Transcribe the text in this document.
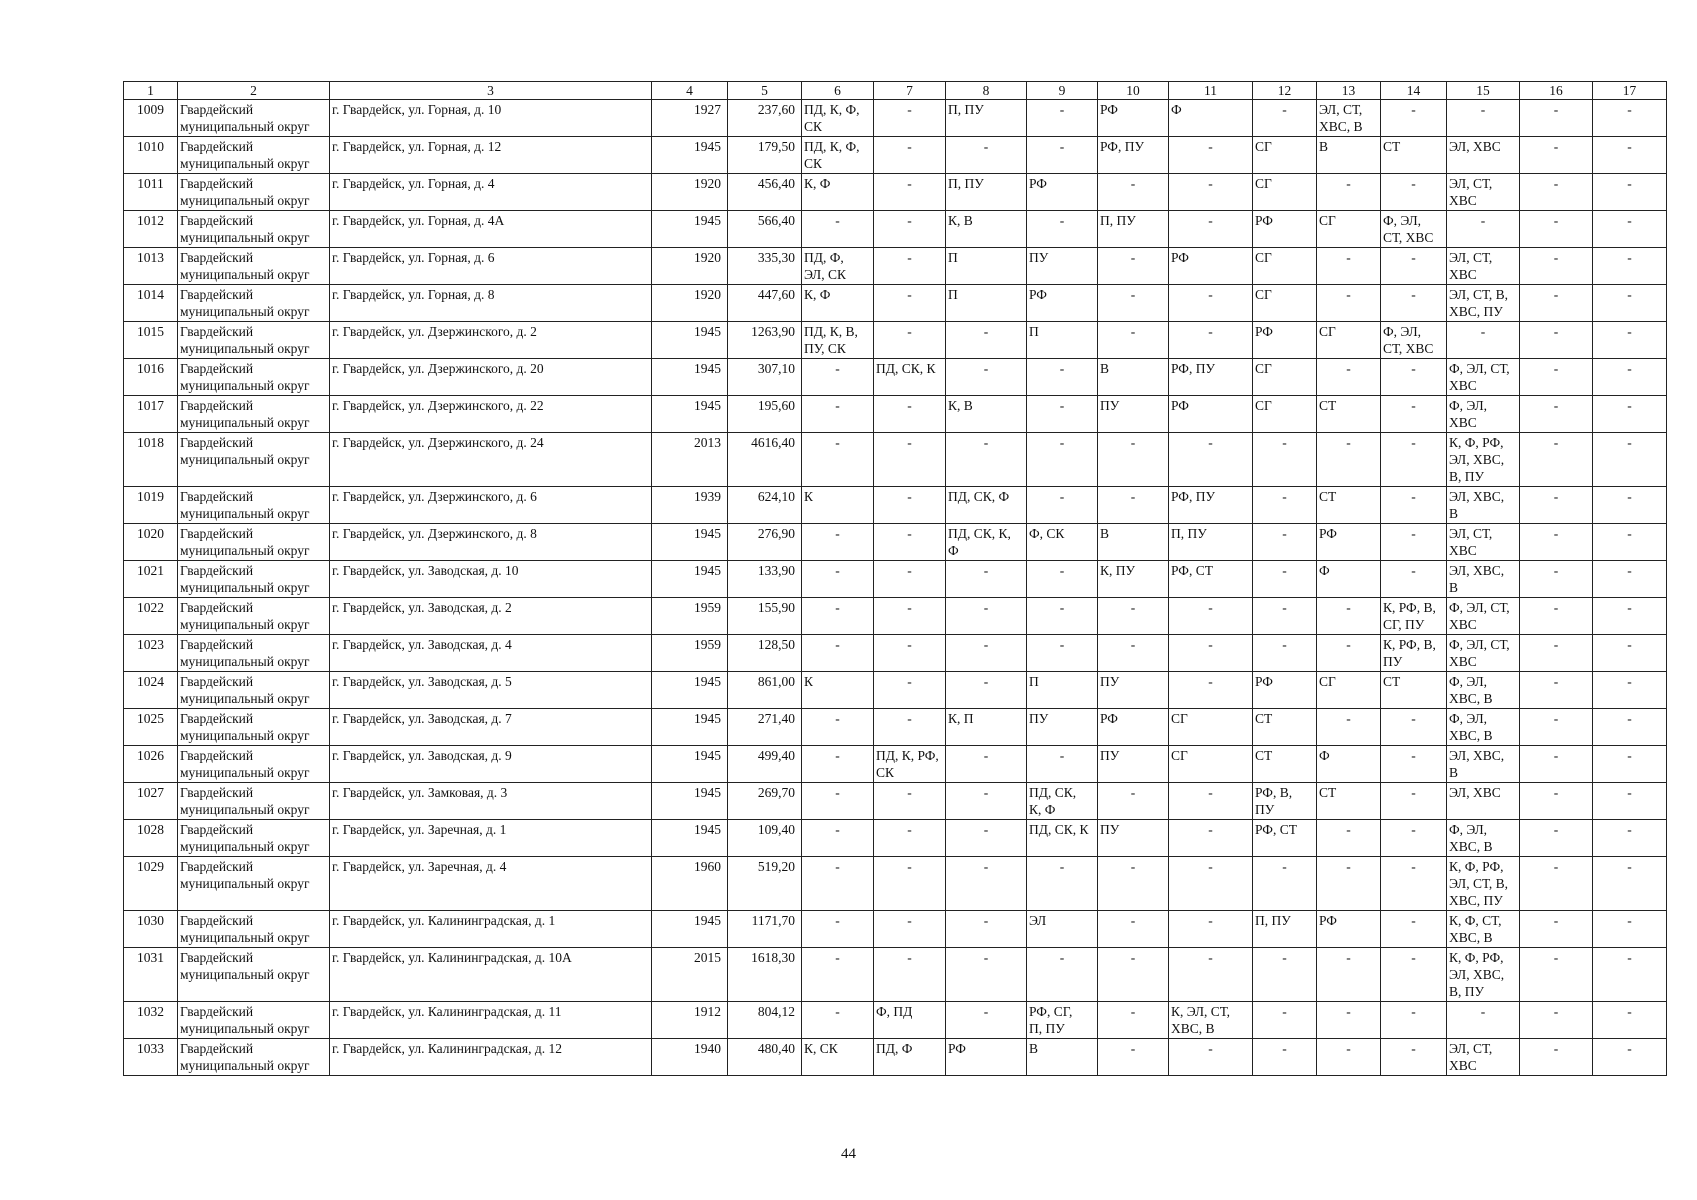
1	2	3	4	5	6	7	8	9	10	11	12	13	14	15	16	17
1009	Гвардейский
муниципальный округ	г. Гвардейск, ул. Горная, д. 10	1927	237,60	ПД, К, Ф,
СК	-	П, ПУ	-	РФ	Ф	-	ЭЛ, СТ,
ХВС, В	-	-	-	-
1010	Гвардейский
муниципальный округ	г. Гвардейск, ул. Горная, д. 12	1945	179,50	ПД, К, Ф,
СК	-	-	-	РФ, ПУ	-	СГ	В	СТ	ЭЛ, ХВС	-	-
1011	Гвардейский
муниципальный округ	г. Гвардейск, ул. Горная, д. 4	1920	456,40	К, Ф	-	П, ПУ	РФ	-	-	СГ	-	-	ЭЛ, СТ,
ХВС	-	-
1012	Гвардейский
муниципальный округ	г. Гвардейск, ул. Горная, д. 4А	1945	566,40	-	-	К, В	-	П, ПУ	-	РФ	СГ	Ф, ЭЛ,
СТ, ХВС	-	-	-
1013	Гвардейский
муниципальный округ	г. Гвардейск, ул. Горная, д. 6	1920	335,30	ПД, Ф,
ЭЛ, СК	-	П	ПУ	-	РФ	СГ	-	-	ЭЛ, СТ,
ХВС	-	-
1014	Гвардейский
муниципальный округ	г. Гвардейск, ул. Горная, д. 8	1920	447,60	К, Ф	-	П	РФ	-	-	СГ	-	-	ЭЛ, СТ, В,
ХВС, ПУ	-	-
1015	Гвардейский
муниципальный округ	г. Гвардейск, ул. Дзержинского, д. 2	1945	1263,90	ПД, К, В,
ПУ, СК	-	-	П	-	-	РФ	СГ	Ф, ЭЛ,
СТ, ХВС	-	-	-
1016	Гвардейский
муниципальный округ	г. Гвардейск, ул. Дзержинского, д. 20	1945	307,10	-	ПД, СК, К	-	-	В	РФ, ПУ	СГ	-	-	Ф, ЭЛ, СТ,
ХВС	-	-
1017	Гвардейский
муниципальный округ	г. Гвардейск, ул. Дзержинского, д. 22	1945	195,60	-	-	К, В	-	ПУ	РФ	СГ	СТ	-	Ф, ЭЛ,
ХВС	-	-
1018	Гвардейский
муниципальный округ	г. Гвардейск, ул. Дзержинского, д. 24	2013	4616,40	-	-	-	-	-	-	-	-	-	К, Ф, РФ,
ЭЛ, ХВС,
В, ПУ	-	-
1019	Гвардейский
муниципальный округ	г. Гвардейск, ул. Дзержинского, д. 6	1939	624,10	К	-	ПД, СК, Ф	-	-	РФ, ПУ	-	СТ	-	ЭЛ, ХВС,
В	-	-
1020	Гвардейский
муниципальный округ	г. Гвардейск, ул. Дзержинского, д. 8	1945	276,90	-	-	ПД, СК, К,
Ф	Ф, СК	В	П, ПУ	-	РФ	-	ЭЛ, СТ,
ХВС	-	-
1021	Гвардейский
муниципальный округ	г. Гвардейск, ул. Заводская, д. 10	1945	133,90	-	-	-	-	К, ПУ	РФ, СТ	-	Ф	-	ЭЛ, ХВС,
В	-	-
1022	Гвардейский
муниципальный округ	г. Гвардейск, ул. Заводская, д. 2	1959	155,90	-	-	-	-	-	-	-	-	К, РФ, В,
СГ, ПУ	Ф, ЭЛ, СТ,
ХВС	-	-
1023	Гвардейский
муниципальный округ	г. Гвардейск, ул. Заводская, д. 4	1959	128,50	-	-	-	-	-	-	-	-	К, РФ, В,
ПУ	Ф, ЭЛ, СТ,
ХВС	-	-
1024	Гвардейский
муниципальный округ	г. Гвардейск, ул. Заводская, д. 5	1945	861,00	К	-	-	П	ПУ	-	РФ	СГ	СТ	Ф, ЭЛ,
ХВС, В	-	-
1025	Гвардейский
муниципальный округ	г. Гвардейск, ул. Заводская, д. 7	1945	271,40	-	-	К, П	ПУ	РФ	СГ	СТ	-	-	Ф, ЭЛ,
ХВС, В	-	-
1026	Гвардейский
муниципальный округ	г. Гвардейск, ул. Заводская, д. 9	1945	499,40	-	ПД, К, РФ,
СК	-	-	ПУ	СГ	СТ	Ф	-	ЭЛ, ХВС,
В	-	-
1027	Гвардейский
муниципальный округ	г. Гвардейск, ул. Замковая, д. 3	1945	269,70	-	-	-	ПД, СК,
К, Ф	-	-	РФ, В,
ПУ	СТ	-	ЭЛ, ХВС	-	-
1028	Гвардейский
муниципальный округ	г. Гвардейск, ул. Заречная, д. 1	1945	109,40	-	-	-	ПД, СК, К	ПУ	-	РФ, СТ	-	-	Ф, ЭЛ,
ХВС, В	-	-
1029	Гвардейский
муниципальный округ	г. Гвардейск, ул. Заречная, д. 4	1960	519,20	-	-	-	-	-	-	-	-	-	К, Ф, РФ,
ЭЛ, СТ, В,
ХВС, ПУ	-	-
1030	Гвардейский
муниципальный округ	г. Гвардейск, ул. Калининградская, д. 1	1945	1171,70	-	-	-	ЭЛ	-	-	П, ПУ	РФ	-	К, Ф, СТ,
ХВС, В	-	-
1031	Гвардейский
муниципальный округ	г. Гвардейск, ул. Калининградская, д. 10А	2015	1618,30	-	-	-	-	-	-	-	-	-	К, Ф, РФ,
ЭЛ, ХВС,
В, ПУ	-	-
1032	Гвардейский
муниципальный округ	г. Гвардейск, ул. Калининградская, д. 11	1912	804,12	-	Ф, ПД	-	РФ, СГ,
П, ПУ	-	К, ЭЛ, СТ,
ХВС, В	-	-	-	-	-	-
1033	Гвардейский
муниципальный округ	г. Гвардейск, ул. Калининградская, д. 12	1940	480,40	К, СК	ПД, Ф	РФ	В	-	-	-	-	-	ЭЛ, СТ,
ХВС	-	-
44
